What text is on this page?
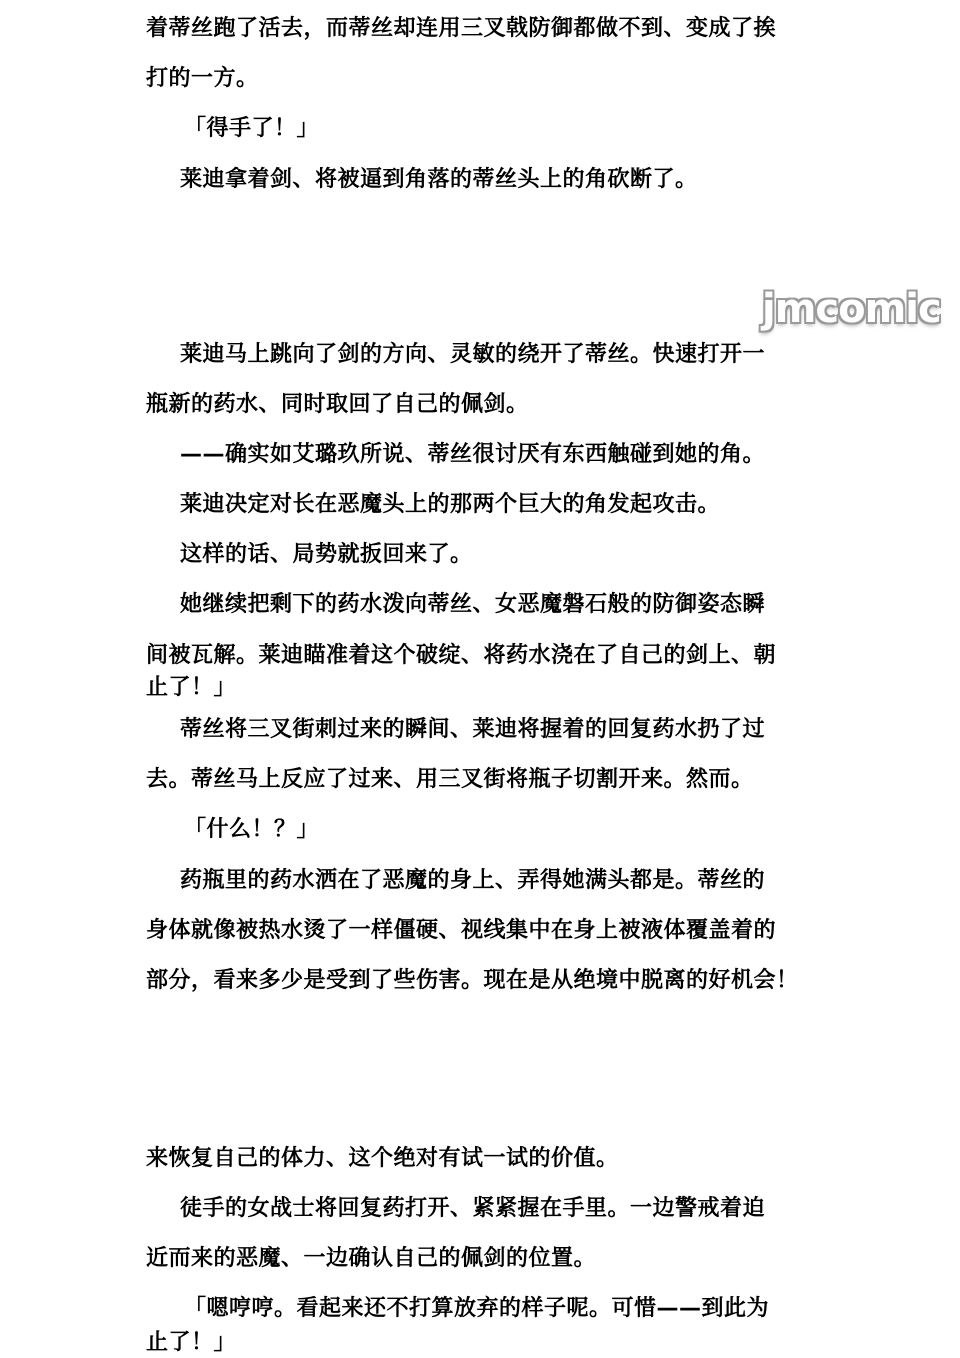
着蒂丝跑了活去，而蒂丝却连用三叉戟防御都做不到、变成了挨
打的一方。
「得手了！」
莱迪拿着剑、将被逼到角落的蒂丝头上的角砍断了。
jmcomic
莱迪马上跳向了剑的方向、灵敏的绕开了蒂丝。快速打开一
瓶新的药水、同时取回了自己的佩剑。
——确实如艾璐玖所说、蒂丝很讨厌有东西触碰到她的角。
莱迪决定对长在恶魔头上的那两个巨大的角发起攻击。
这样的话、局势就扳回来了。
她继续把剩下的药水泼向蒂丝、女恶魔磐石般的防御姿态瞬
间被瓦解。莱迪瞄准着这个破绽、将药水浇在了自己的剑上、朝
止了！」
蒂丝将三叉街刺过来的瞬间、莱迪将握着的回复药水扔了过
去。蒂丝马上反应了过来、用三叉街将瓶子切割开来。然而。
「什么！？」
药瓶里的药水洒在了恶魔的身上、弄得她满头都是。蒂丝的
身体就像被热水烫了一样僵硬、视线集中在身上被液体覆盖着的
部分，看来多少是受到了些伤害。现在是从绝境中脱离的好机会！
来恢复自己的体力、这个绝对有试一试的价值。
徒手的女战士将回复药打开、紧紧握在手里。一边警戒着迫
近而来的恶魔、一边确认自己的佩剑的位置。
「嗯哼哼。看起来还不打算放弃的样子呢。可惜——到此为
止了！」
